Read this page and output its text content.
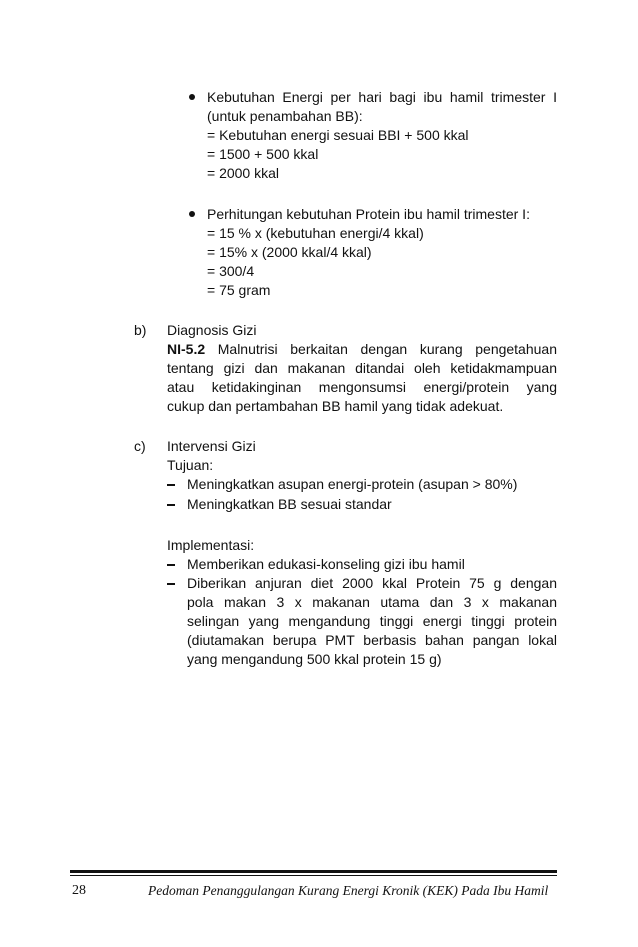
Kebutuhan Energi per hari bagi ibu hamil trimester I
(untuk penambahan BB):
= Kebutuhan energi sesuai BBI + 500 kkal
= 1500 + 500 kkal
= 2000 kkal
Perhitungan kebutuhan Protein ibu hamil trimester I:
= 15 % x (kebutuhan energi/4 kkal)
= 15% x (2000 kkal/4 kkal)
= 300/4
= 75 gram
b) Diagnosis Gizi
NI-5.2 Malnutrisi berkaitan dengan kurang pengetahuan
tentang gizi dan makanan ditandai oleh ketidakmampuan
atau ketidakinginan mengonsumsi energi/protein yang
cukup dan pertambahan BB hamil yang tidak adekuat.
c) Intervensi Gizi
Tujuan:
Meningkatkan asupan energi-protein (asupan > 80%)
Meningkatkan BB sesuai standar
Implementasi:
Memberikan edukasi-konseling gizi ibu hamil
Diberikan anjuran diet 2000 kkal Protein 75 g dengan
pola makan 3 x makanan utama dan 3 x makanan
selingan yang mengandung tinggi energi tinggi protein
(diutamakan berupa PMT berbasis bahan pangan lokal
yang mengandung 500 kkal protein 15 g)
28	Pedoman Penanggulangan Kurang Energi Kronik (KEK) Pada Ibu Hamil
